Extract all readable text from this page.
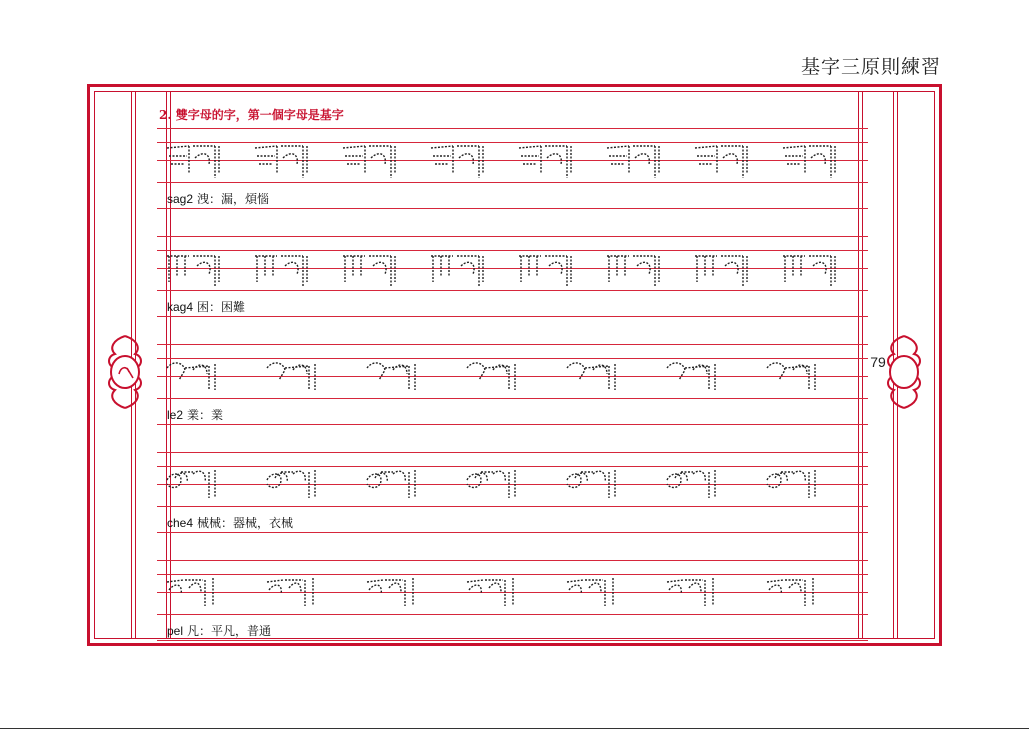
基字三原則練習
79
2. 雙字母的字，第一個字母是基字
sag2 洩：漏，煩惱
kag4 困：困難
le2 業：業
che4 械械：器械，衣械
pel 凡：平凡，普通
